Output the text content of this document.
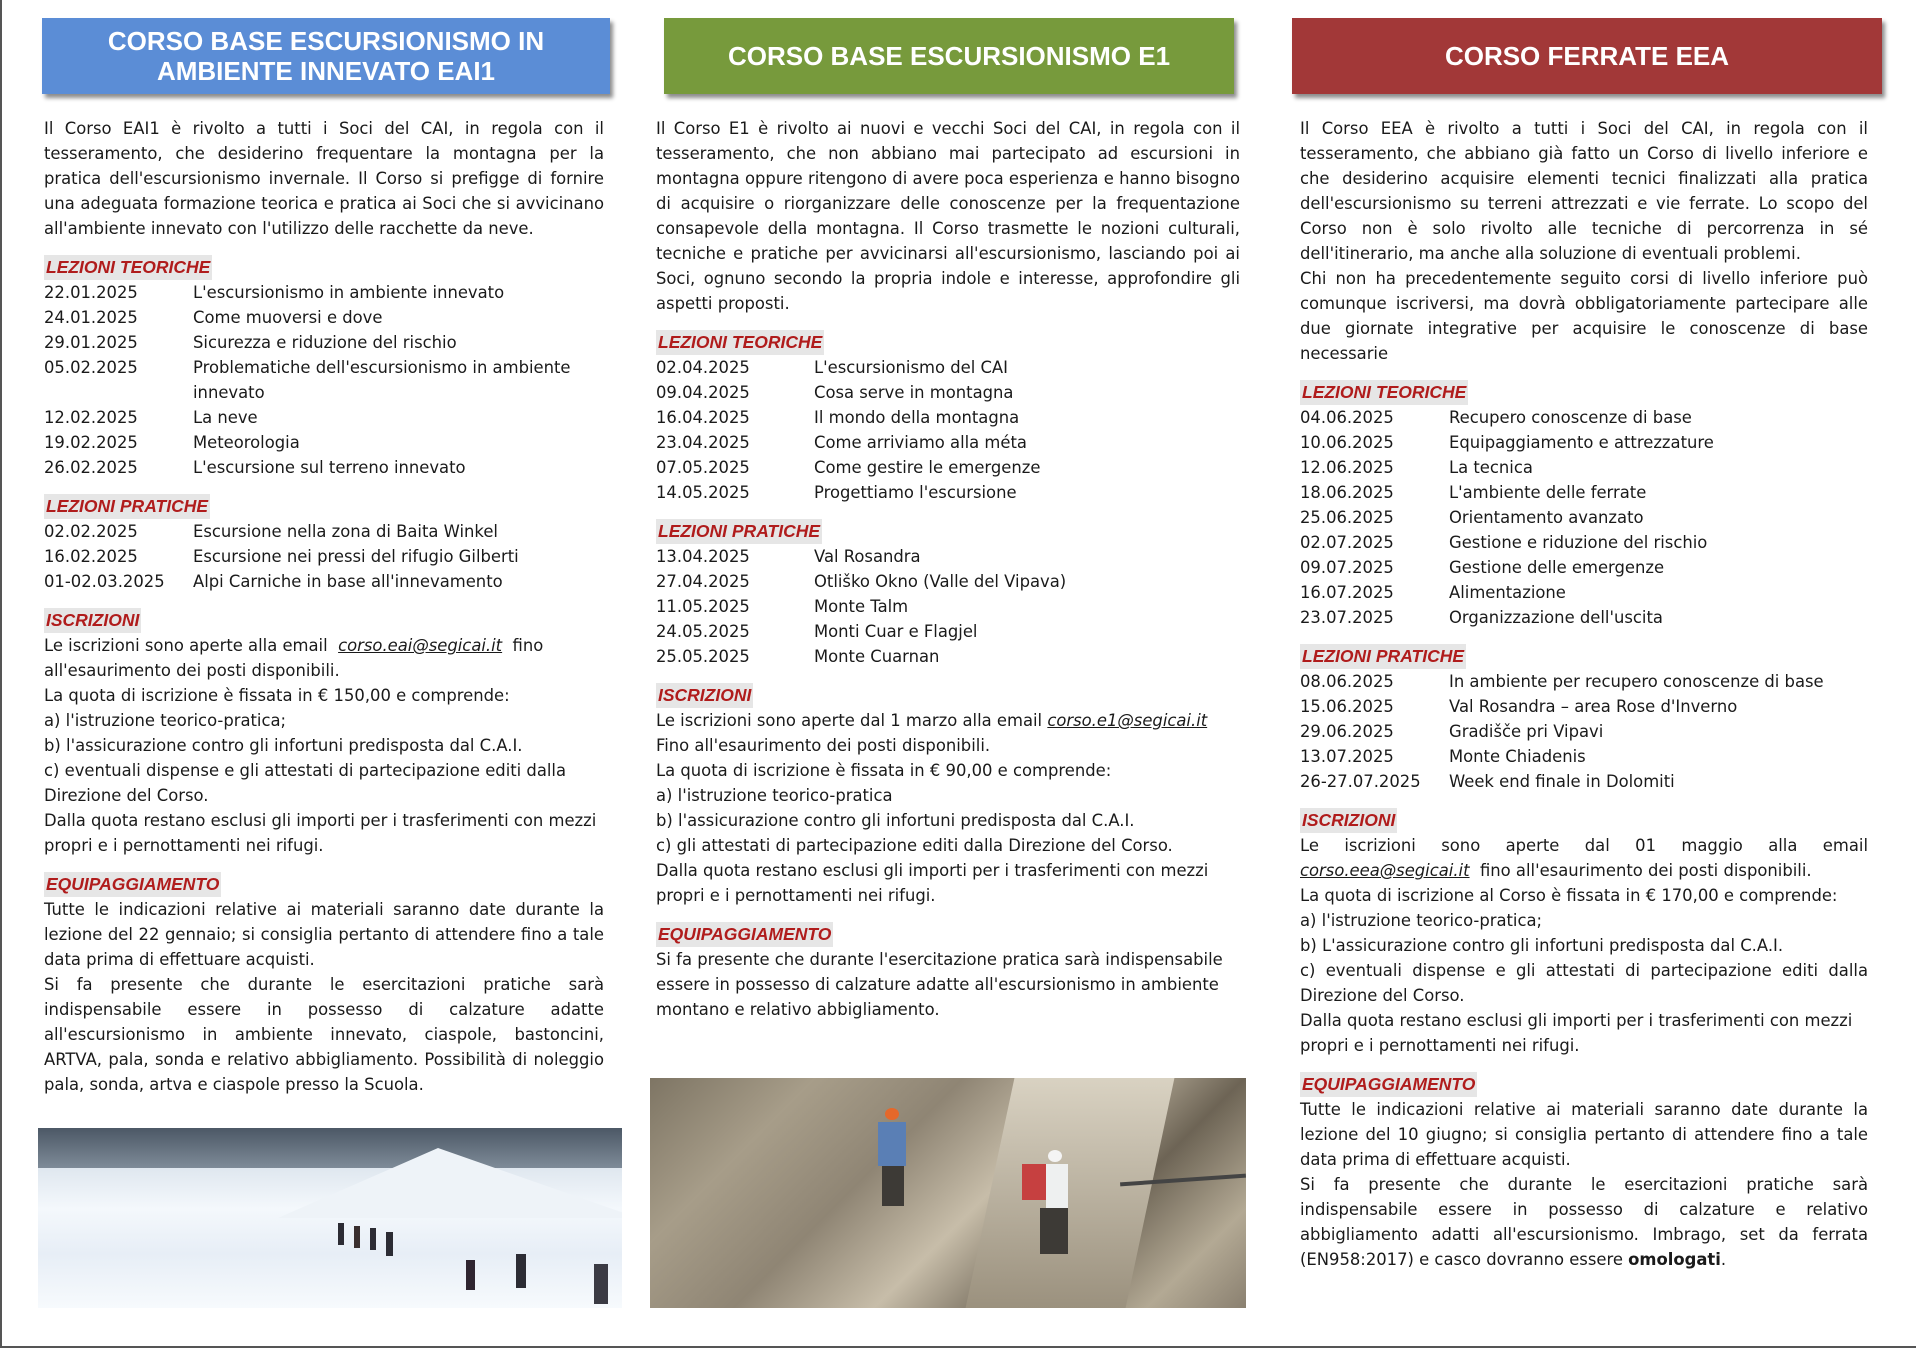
CORSO BASE ESCURSIONISMO IN AMBIENTE INNEVATO EAI1

Il Corso EAI1 è rivolto a tutti i Soci del CAI, in regola con il tesseramento, che desiderino frequentare la montagna per la pratica dell'escursionismo invernale. Il Corso si prefigge di fornire una adeguata formazione teorica e pratica ai Soci che si avvicinano all'ambiente innevato con l'utilizzo delle racchette da neve.

LEZIONI TEORICHE
22.01.2025	L'escursionismo in ambiente innevato
24.01.2025	Come muoversi e dove
29.01.2025	Sicurezza e riduzione del rischio
05.02.2025	Problematiche dell'escursionismo in ambiente innevato
12.02.2025	La neve
19.02.2025	Meteorologia
26.02.2025	L'escursione sul terreno innevato
LEZIONI PRATICHE
02.02.2025	Escursione nella zona di Baita Winkel
16.02.2025	Escursione nei pressi del rifugio Gilberti
01-02.03.2025	Alpi Carniche in base all'innevamento
ISCRIZIONI

Le iscrizioni sono aperte alla email corso.eai@segicai.it fino all'esaurimento dei posti disponibili.

La quota di iscrizione è fissata in € 150,00 e comprende:

a) l'istruzione teorico-pratica;

b) l'assicurazione contro gli infortuni predisposta dal C.A.I.

c) eventuali dispense e gli attestati di partecipazione editi dalla Direzione del Corso.

Dalla quota restano esclusi gli importi per i trasferimenti con mezzi propri e i pernottamenti nei rifugi.

EQUIPAGGIAMENTO

Tutte le indicazioni relative ai materiali saranno date durante la lezione del 22 gennaio; si consiglia pertanto di attendere fino a tale data prima di effettuare acquisti.

Si fa presente che durante le esercitazioni pratiche sarà indispensabile essere in possesso di calzature adatte all'escursionismo in ambiente innevato, ciaspole, bastoncini, ARTVA, pala, sonda e relativo abbigliamento. Possibilità di noleggio pala, sonda, artva e ciaspole presso la Scuola.

CORSO BASE ESCURSIONISMO E1

Il Corso E1 è rivolto ai nuovi e vecchi Soci del CAI, in regola con il tesseramento, che non abbiano mai partecipato ad escursioni in montagna oppure ritengono di avere poca esperienza e hanno bisogno di acquisire o riorganizzare delle conoscenze per la frequentazione consapevole della montagna. Il Corso trasmette le nozioni culturali, tecniche e pratiche per avvicinarsi all'escursionismo, lasciando poi ai Soci, ognuno secondo la propria indole e interesse, approfondire gli aspetti proposti.

LEZIONI TEORICHE
02.04.2025	L'escursionismo del CAI
09.04.2025	Cosa serve in montagna
16.04.2025	Il mondo della montagna
23.04.2025	Come arriviamo alla méta
07.05.2025	Come gestire le emergenze
14.05.2025	Progettiamo l'escursione
LEZIONI PRATICHE
13.04.2025	Val Rosandra
27.04.2025	Otliško Okno (Valle del Vipava)
11.05.2025	Monte Talm
24.05.2025	Monti Cuar e Flagjel
25.05.2025	Monte Cuarnan
ISCRIZIONI

Le iscrizioni sono aperte dal 1 marzo alla email corso.e1@segicai.it

Fino all'esaurimento dei posti disponibili.

La quota di iscrizione è fissata in € 90,00 e comprende:

a) l'istruzione teorico-pratica

b) l'assicurazione contro gli infortuni predisposta dal C.A.I.

c) gli attestati di partecipazione editi dalla Direzione del Corso.

Dalla quota restano esclusi gli importi per i trasferimenti con mezzi propri e i pernottamenti nei rifugi.

EQUIPAGGIAMENTO

Si fa presente che durante l'esercitazione pratica sarà indispensabile essere in possesso di calzature adatte all'escursionismo in ambiente montano e relativo abbigliamento.

CORSO FERRATE EEA

Il Corso EEA è rivolto a tutti i Soci del CAI, in regola con il tesseramento, che abbiano già fatto un Corso di livello inferiore e che desiderino acquisire elementi tecnici finalizzati alla pratica dell'escursionismo su terreni attrezzati e vie ferrate. Lo scopo del Corso non è solo rivolto alle tecniche di percorrenza in sé dell'itinerario, ma anche alla soluzione di eventuali problemi.

Chi non ha precedentemente seguito corsi di livello inferiore può comunque iscriversi, ma dovrà obbligatoriamente partecipare alle due giornate integrative per acquisire le conoscenze di base necessarie

LEZIONI TEORICHE
04.06.2025	Recupero conoscenze di base
10.06.2025	Equipaggiamento e attrezzature
12.06.2025	La tecnica
18.06.2025	L'ambiente delle ferrate
25.06.2025	Orientamento avanzato
02.07.2025	Gestione e riduzione del rischio
09.07.2025	Gestione delle emergenze
16.07.2025	Alimentazione
23.07.2025	Organizzazione dell'uscita
LEZIONI PRATICHE
08.06.2025	In ambiente per recupero conoscenze di base
15.06.2025	Val Rosandra – area Rose d'Inverno
29.06.2025	Gradišče pri Vipavi
13.07.2025	Monte Chiadenis
26-27.07.2025	Week end finale in Dolomiti
ISCRIZIONI

Le iscrizioni sono aperte dal 01 maggio alla email corso.eea@segicai.it fino all'esaurimento dei posti disponibili.

La quota di iscrizione al Corso è fissata in € 170,00 e comprende:

a) l'istruzione teorico-pratica;

b) L'assicurazione contro gli infortuni predisposta dal C.A.I.

c) eventuali dispense e gli attestati di partecipazione editi dalla Direzione del Corso.

Dalla quota restano esclusi gli importi per i trasferimenti con mezzi propri e i pernottamenti nei rifugi.

EQUIPAGGIAMENTO

Tutte le indicazioni relative ai materiali saranno date durante la lezione del 10 giugno; si consiglia pertanto di attendere fino a tale data prima di effettuare acquisti.

Si fa presente che durante le esercitazioni pratiche sarà indispensabile essere in possesso di calzature e relativo abbigliamento adatti all'escursionismo. Imbrago, set da ferrata (EN958:2017) e casco dovranno essere omologati.
